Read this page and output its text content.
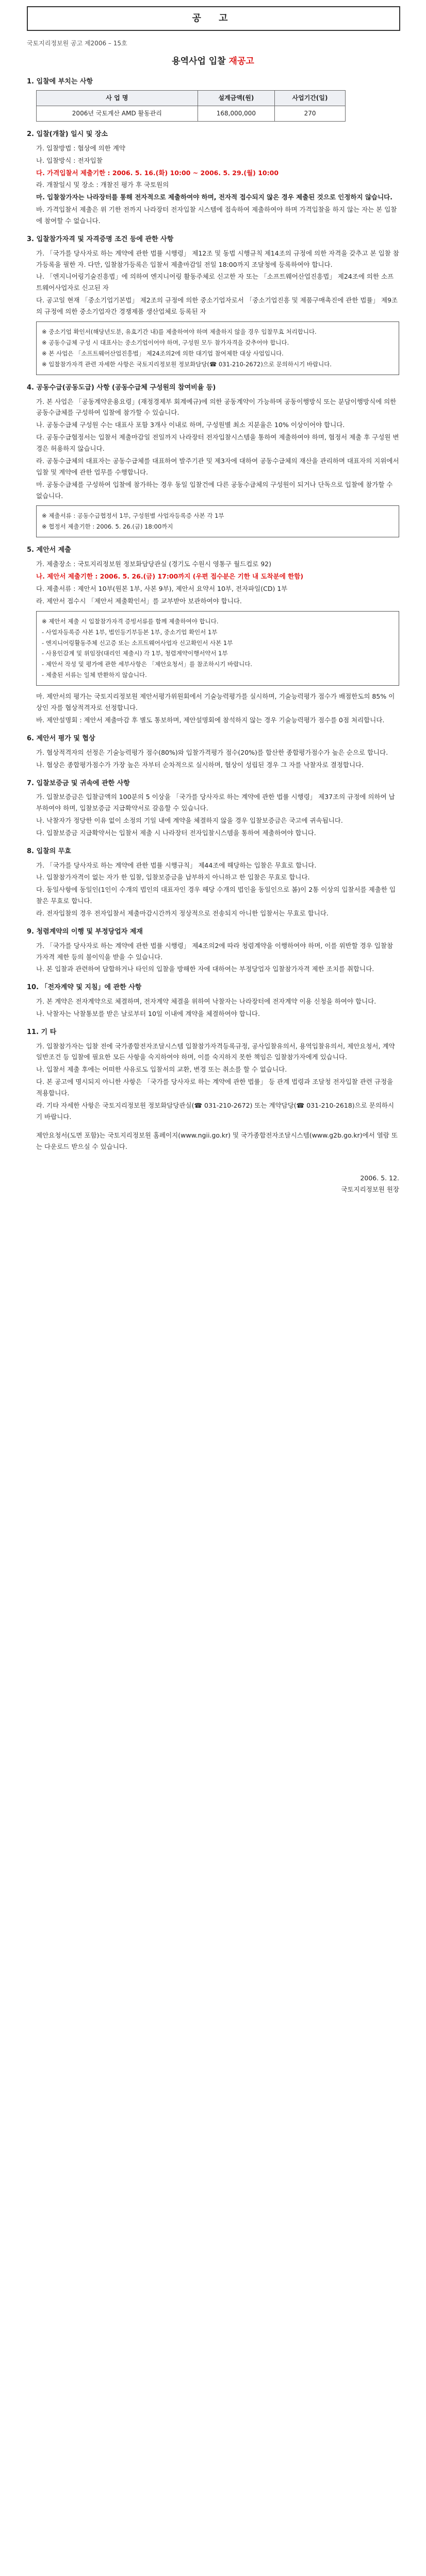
공 고
국토지리정보원 공고 제2006 – 15호
용역사업 입찰 재공고
1. 입찰에 부치는 사항
사 업 명	설계금액(원)	사업기간(일)
2006년 국토계산 AMD 활동관리	168,000,000	270
2. 입찰(개찰) 일시 및 장소

가. 입찰방법 : 협상에 의한 계약

나. 입찰방식 : 전자입찰

다. 가격입찰서 제출기한 : 2006. 5. 16.(화) 10:00 ~ 2006. 5. 29.(월) 10:00

라. 개찰일시 및 장소 : 개찰진 평가 후 국토원의

마. 입찰참가자는 나라장터를 통해 전자적으로 제출하여야 하며, 전자적 접수되지 않은 경우 제출된 것으로 인정하지 않습니다.

바. 가격입찰서 제출은 위 기한 전까지 나라장터 전자입찰 시스템에 접속하여 제출하여야 하며 가격입찰을 하지 않는 자는 본 입찰에 참여할 수 없습니다.

3. 입찰참가자격 및 자격증명 조건 등에 관한 사항

가. 「국가를 당사자로 하는 계약에 관한 법률 시행령」 제12조 및 동법 시행규칙 제14조의 규정에 의한 자격을 갖추고 본 입찰 참가등록을 필한 자. 다만, 입찰참가등록은 입찰서 제출마감일 전일 18:00까지 조달청에 등록하여야 합니다.

나. 「엔지니어링기술진흥법」에 의하여 엔지니어링 활동주체로 신고한 자 또는 「소프트웨어산업진흥법」 제24조에 의한 소프트웨어사업자로 신고된 자

다. 공고일 현재 「중소기업기본법」 제2조의 규정에 의한 중소기업자로서 「중소기업진흥 및 제품구매촉진에 관한 법률」 제9조의 규정에 의한 중소기업자간 경쟁제품 생산업체로 등록된 자

※ 중소기업 확인서(해당년도분, 유효기간 내)를 제출하여야 하며 제출하지 않을 경우 입찰무효 처리합니다.

※ 공동수급체 구성 시 대표사는 중소기업이어야 하며, 구성원 모두 참가자격을 갖추어야 합니다.

※ 본 사업은 「소프트웨어산업진흥법」 제24조의2에 의한 대기업 참여제한 대상 사업입니다.

※ 입찰참가자격 관련 자세한 사항은 국토지리정보원 정보화담당(☎ 031-210-2672)으로 문의하시기 바랍니다.

4. 공동수급(공동도급) 사항 (공동수급체 구성원의 참여비율 등)

가. 본 사업은 「공동계약운용요령」(재정경제부 회계예규)에 의한 공동계약이 가능하며 공동이행방식 또는 분담이행방식에 의한 공동수급체를 구성하여 입찰에 참가할 수 있습니다.

나. 공동수급체 구성원 수는 대표사 포함 3개사 이내로 하며, 구성원별 최소 지분율은 10% 이상이어야 합니다.

다. 공동수급협정서는 입찰서 제출마감일 전일까지 나라장터 전자입찰시스템을 통하여 제출하여야 하며, 협정서 제출 후 구성원 변경은 허용하지 않습니다.

라. 공동수급체의 대표자는 공동수급체를 대표하여 발주기관 및 제3자에 대하여 공동수급체의 재산을 관리하며 대표자의 지위에서 입찰 및 계약에 관한 업무를 수행합니다.

마. 공동수급체를 구성하여 입찰에 참가하는 경우 동일 입찰건에 다른 공동수급체의 구성원이 되거나 단독으로 입찰에 참가할 수 없습니다.

※ 제출서류 : 공동수급협정서 1부, 구성원별 사업자등록증 사본 각 1부

※ 협정서 제출기한 : 2006. 5. 26.(금) 18:00까지

5. 제안서 제출

가. 제출장소 : 국토지리정보원 정보화담당관실 (경기도 수원시 영통구 월드컵로 92)

나. 제안서 제출기한 : 2006. 5. 26.(금) 17:00까지 (우편 접수분은 기한 내 도착분에 한함)

다. 제출서류 : 제안서 10부(원본 1부, 사본 9부), 제안서 요약서 10부, 전자파일(CD) 1부

라. 제안서 접수시 「제안서 제출확인서」를 교부받아 보관하여야 합니다.

※ 제안서 제출 시 입찰참가자격 증빙서류를 함께 제출하여야 합니다.

- 사업자등록증 사본 1부, 법인등기부등본 1부, 중소기업 확인서 1부

- 엔지니어링활동주체 신고증 또는 소프트웨어사업자 신고확인서 사본 1부

- 사용인감계 및 위임장(대리인 제출시) 각 1부, 청렴계약이행서약서 1부

- 제안서 작성 및 평가에 관한 세부사항은 「제안요청서」를 참조하시기 바랍니다.

- 제출된 서류는 일체 반환하지 않습니다.

마. 제안서의 평가는 국토지리정보원 제안서평가위원회에서 기술능력평가를 실시하며, 기술능력평가 점수가 배점한도의 85% 이상인 자를 협상적격자로 선정합니다.

바. 제안설명회 : 제안서 제출마감 후 별도 통보하며, 제안설명회에 참석하지 않는 경우 기술능력평가 점수를 0점 처리합니다.

6. 제안서 평가 및 협상

가. 협상적격자의 선정은 기술능력평가 점수(80%)와 입찰가격평가 점수(20%)를 합산한 종합평가점수가 높은 순으로 합니다.

나. 협상은 종합평가점수가 가장 높은 자부터 순차적으로 실시하며, 협상이 성립된 경우 그 자를 낙찰자로 결정합니다.

7. 입찰보증금 및 귀속에 관한 사항

가. 입찰보증금은 입찰금액의 100분의 5 이상을 「국가를 당사자로 하는 계약에 관한 법률 시행령」 제37조의 규정에 의하여 납부하여야 하며, 입찰보증금 지급확약서로 갈음할 수 있습니다.

나. 낙찰자가 정당한 이유 없이 소정의 기일 내에 계약을 체결하지 않을 경우 입찰보증금은 국고에 귀속됩니다.

다. 입찰보증금 지급확약서는 입찰서 제출 시 나라장터 전자입찰시스템을 통하여 제출하여야 합니다.

8. 입찰의 무효

가. 「국가를 당사자로 하는 계약에 관한 법률 시행규칙」 제44조에 해당하는 입찰은 무효로 합니다.

나. 입찰참가자격이 없는 자가 한 입찰, 입찰보증금을 납부하지 아니하고 한 입찰은 무효로 합니다.

다. 동일사항에 동일인(1인이 수개의 법인의 대표자인 경우 해당 수개의 법인을 동일인으로 봄)이 2통 이상의 입찰서를 제출한 입찰은 무효로 합니다.

라. 전자입찰의 경우 전자입찰서 제출마감시간까지 정상적으로 전송되지 아니한 입찰서는 무효로 합니다.

9. 청렴계약의 이행 및 부정당업자 제재

가. 「국가를 당사자로 하는 계약에 관한 법률 시행령」 제4조의2에 따라 청렴계약을 이행하여야 하며, 이를 위반할 경우 입찰참가자격 제한 등의 불이익을 받을 수 있습니다.

나. 본 입찰과 관련하여 담합하거나 타인의 입찰을 방해한 자에 대하여는 부정당업자 입찰참가자격 제한 조치를 취합니다.

10. 「전자계약 및 지침」에 관한 사항

가. 본 계약은 전자계약으로 체결하며, 전자계약 체결을 위하여 낙찰자는 나라장터에 전자계약 이용 신청을 하여야 합니다.

나. 낙찰자는 낙찰통보를 받은 날로부터 10일 이내에 계약을 체결하여야 합니다.

11. 기 타

가. 입찰참가자는 입찰 전에 국가종합전자조달시스템 입찰참가자격등록규정, 공사입찰유의서, 용역입찰유의서, 제안요청서, 계약일반조건 등 입찰에 필요한 모든 사항을 숙지하여야 하며, 이를 숙지하지 못한 책임은 입찰참가자에게 있습니다.

나. 입찰서 제출 후에는 어떠한 사유로도 입찰서의 교환, 변경 또는 취소를 할 수 없습니다.

다. 본 공고에 명시되지 아니한 사항은 「국가를 당사자로 하는 계약에 관한 법률」 등 관계 법령과 조달청 전자입찰 관련 규정을 적용합니다.

라. 기타 자세한 사항은 국토지리정보원 정보화담당관실(☎ 031-210-2672) 또는 계약담당(☎ 031-210-2618)으로 문의하시기 바랍니다.

제안요청서(도면 포함)는 국토지리정보원 홈페이지(www.ngii.go.kr) 및 국가종합전자조달시스템(www.g2b.go.kr)에서 열람 또는 다운로드 받으실 수 있습니다.

2006. 5. 12.
국토지리정보원 원장
